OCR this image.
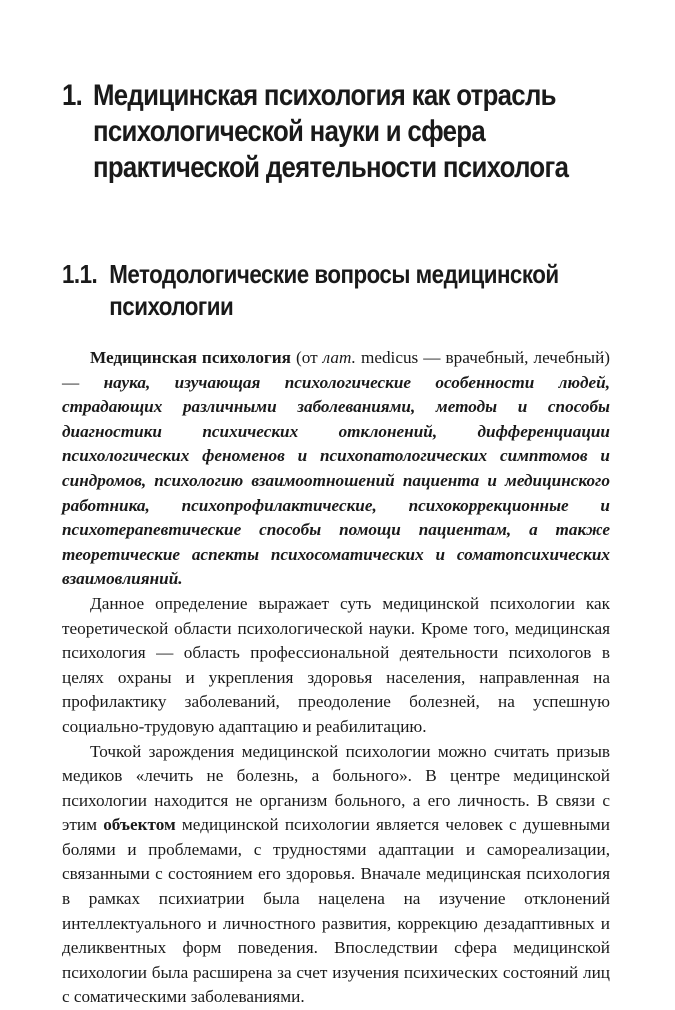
1. Медицинская психология как отрасль психологической науки и сфера практической деятельности психолога
1.1. Методологические вопросы медицинской психологии

Медицинская психология (от лат. medicus — врачебный, лечебный) — наука, изучающая психологические особенности людей, страдающих различными заболеваниями, методы и способы диагностики психических отклонений, дифференциации психологических феноменов и психопатологических симптомов и синдромов, психологию взаимоотношений пациента и медицинского работника, психопрофилактические, психокоррекционные и психотерапевтические способы помощи пациентам, а также теоретические аспекты психосоматических и соматопсихических взаимовлияний.

Данное определение выражает суть медицинской психологии как теоретической области психологической науки. Кроме того, медицинская психология — область профессиональной деятельности психологов в целях охраны и укрепления здоровья населения, направленная на профилактику заболеваний, преодоление болезней, на успешную социально-трудовую адаптацию и реабилитацию.

Точкой зарождения медицинской психологии можно считать призыв медиков «лечить не болезнь, а больного». В центре медицинской психологии находится не организм больного, а его личность. В связи с этим объектом медицинской психологии является человек с душевными болями и проблемами, с трудностями адаптации и самореализации, связанными с состоянием его здоровья. Вначале медицинская психология в рамках психиатрии была нацелена на изучение отклонений интеллектуального и личностного развития, коррекцию дезадаптивных и деликвентных форм поведения. Впоследствии сфера медицинской психологии была расширена за счет изучения психических состояний лиц с соматическими заболеваниями.
